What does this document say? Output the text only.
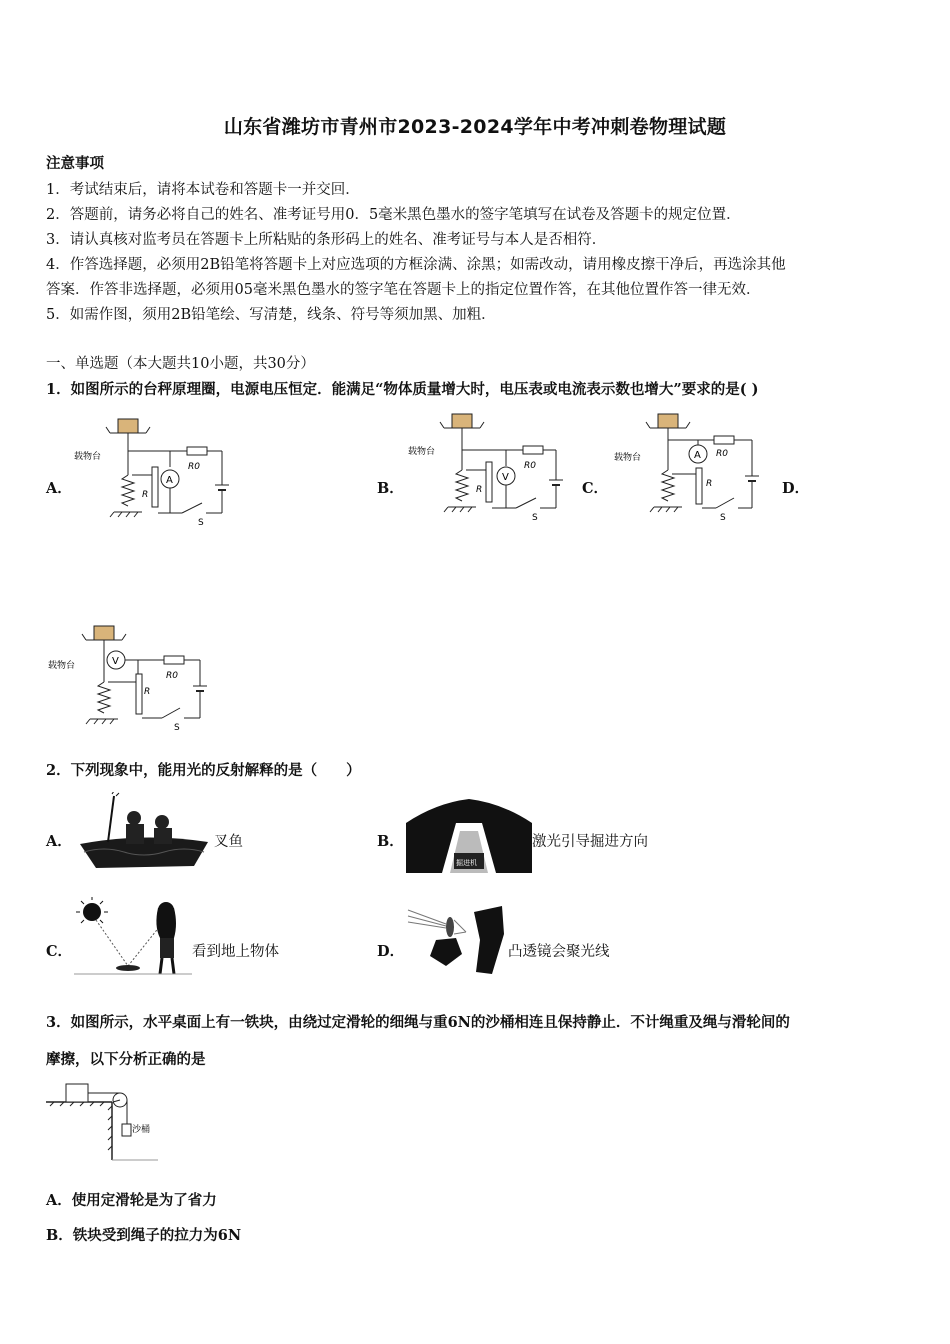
山东省潍坊市青州市2023-2024学年中考冲刺卷物理试题
注意事项
1．考试结束后，请将本试卷和答题卡一并交回．
2．答题前，请务必将自己的姓名、准考证号用0．5毫米黑色墨水的签字笔填写在试卷及答题卡的规定位置．
3．请认真核对监考员在答题卡上所粘贴的条形码上的姓名、准考证号与本人是否相符．
4．作答选择题，必须用2B铅笔将答题卡上对应选项的方框涂满、涂黑；如需改动，请用橡皮擦干净后，再选涂其他
答案．作答非选择题，必须用05毫米黑色墨水的签字笔在答题卡上的指定位置作答，在其他位置作答一律无效．
5．如需作图，须用2B铅笔绘、写清楚，线条、符号等须加黑、加粗．
一、单选题（本大题共10小题，共30分）
1．如图所示的台秤原理圈，电源电压恒定．能满足“物体质量增大时，电压表或电流表示数也增大”要求的是( )
A．	B．	C．	D．
载物台
R
A
R0
S
载物台
R
V
R0
S
载物台
R
A R0
S
载物台	V
R
R0
S
2．下列现象中，能用光的反射解释的是（　　）
A．	叉鱼	B．
掘进机
激光引导掘进方向
C．	看到地上物体	D．	凸透镜会聚光线
3．如图所示，水平桌面上有一铁块，由绕过定滑轮的细绳与重6N的沙桶相连且保持静止．不计绳重及绳与滑轮间的
摩擦，以下分析正确的是
沙桶
A．使用定滑轮是为了省力
B．铁块受到绳子的拉力为6N
